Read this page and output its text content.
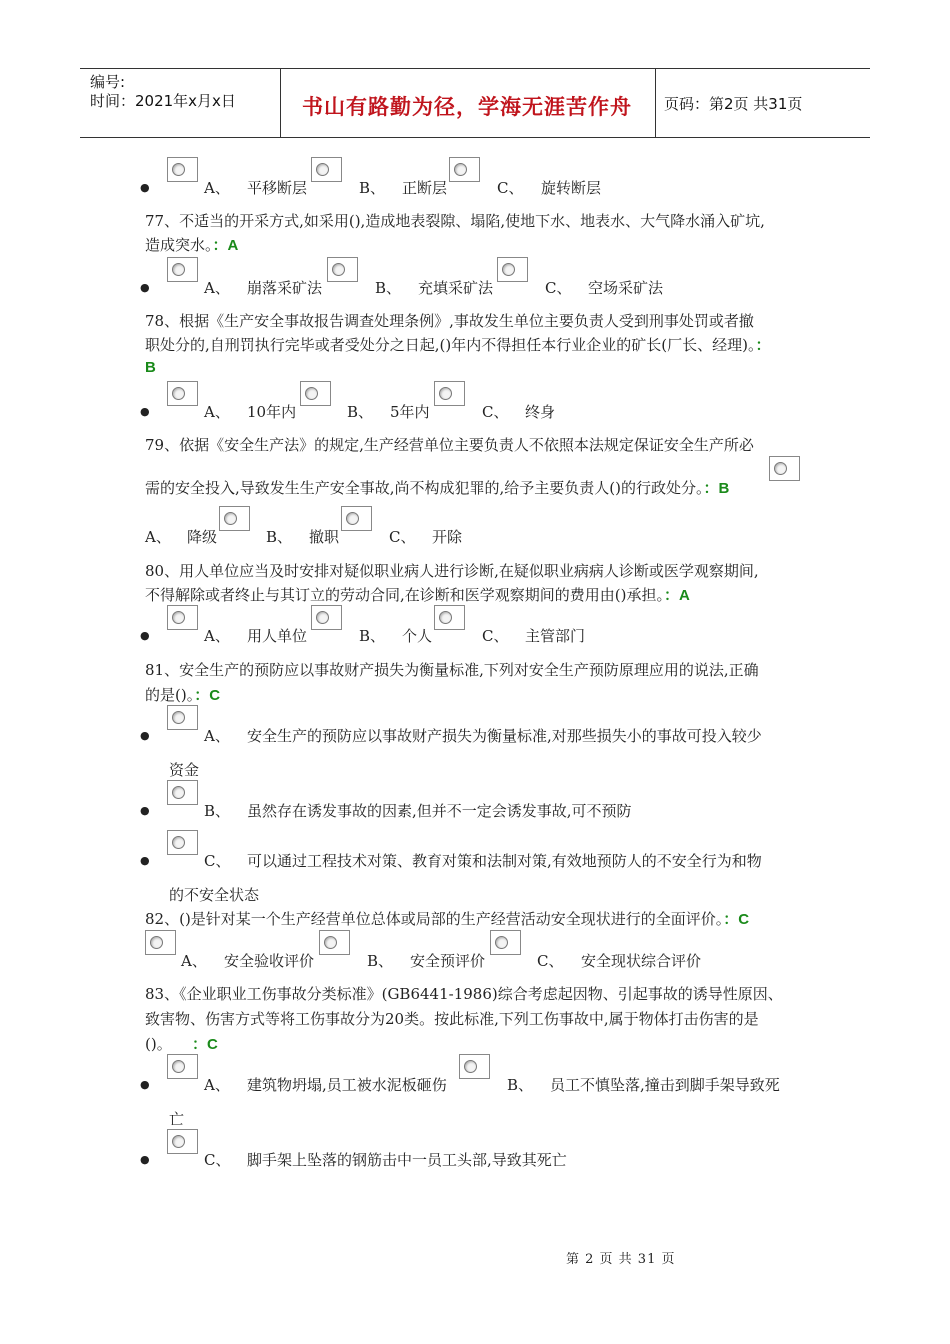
编号:
时间：2021年x月x日	书山有路勤为径，学海无涯苦作舟 页码：第2页 共31页
●	A、 平移断层	B、 正断层	C、 旋转断层
77、不适当的开采方式,如采用(),造成地表裂隙、塌陷,使地下水、地表水、大气降水涌入矿坑,
造成突水。：A
●	A、 崩落采矿法	B、 充填采矿法	C、 空场采矿法
78、根据《生产安全事故报告调查处理条例》,事故发生单位主要负责人受到刑事处罚或者撤
职处分的,自刑罚执行完毕或者受处分之日起,()年内不得担任本行业企业的矿长(厂长、经理)。：
B
●	A、 10年内	B、 5年内	C、 终身
79、依据《安全生产法》的规定,生产经营单位主要负责人不依照本法规定保证安全生产所必
需的安全投入,导致发生生产安全事故,尚不构成犯罪的,给予主要负责人()的行政处分。：B
A、 降级	B、 撤职	C、 开除
80、用人单位应当及时安排对疑似职业病人进行诊断,在疑似职业病病人诊断或医学观察期间,
不得解除或者终止与其订立的劳动合同,在诊断和医学观察期间的费用由()承担。：A
●	A、 用人单位	B、 个人	C、 主管部门
81、安全生产的预防应以事故财产损失为衡量标准,下列对安全生产预防原理应用的说法,正确
的是()。：C
●	A、 安全生产的预防应以事故财产损失为衡量标准,对那些损失小的事故可投入较少
资金
●	B、 虽然存在诱发事故的因素,但并不一定会诱发事故,可不预防
●	C、 可以通过工程技术对策、教育对策和法制对策,有效地预防人的不安全行为和物
的不安全状态
82、()是针对某一个生产经营单位总体或局部的生产经营活动安全现状进行的全面评价。：C
A、 安全验收评价	B、 安全预评价	C、 安全现状综合评价
83、《企业职业工伤事故分类标准》(GB6441-1986)综合考虑起因物、引起事故的诱导性原因、
致害物、伤害方式等将工伤事故分为20类。按此标准,下列工伤事故中,属于物体打击伤害的是
()。 ：C
●	A、 建筑物坍塌,员工被水泥板砸伤	B、 员工不慎坠落,撞击到脚手架导致死
亡
●	C、 脚手架上坠落的钢筋击中一员工头部,导致其死亡
第 2 页 共 31 页
